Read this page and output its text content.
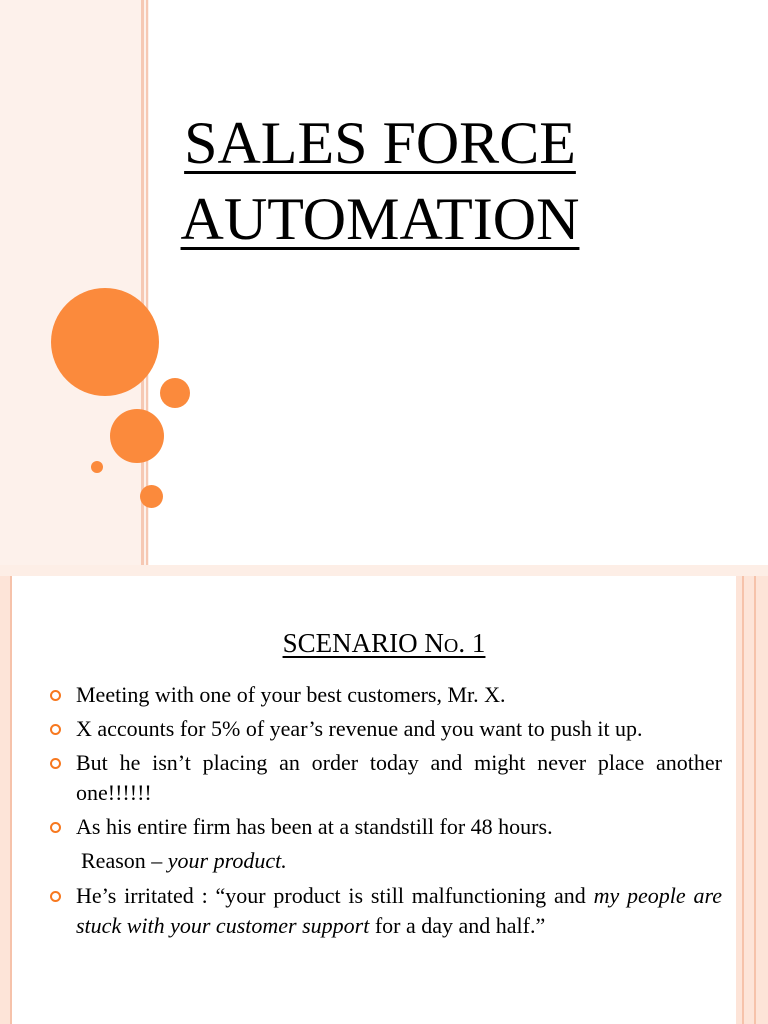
SALES FORCE
AUTOMATION
SCENARIO NO. 1
Meeting with one of your best customers, Mr. X.
X accounts for 5% of year’s revenue and you want to push it up.
But he isn’t placing an order today and might never place another one!!!!!!
As his entire firm has been at a standstill for 48 hours.
Reason – your product.
He’s irritated : “your product is still malfunctioning and my people are stuck with your customer support for a day and half.”
